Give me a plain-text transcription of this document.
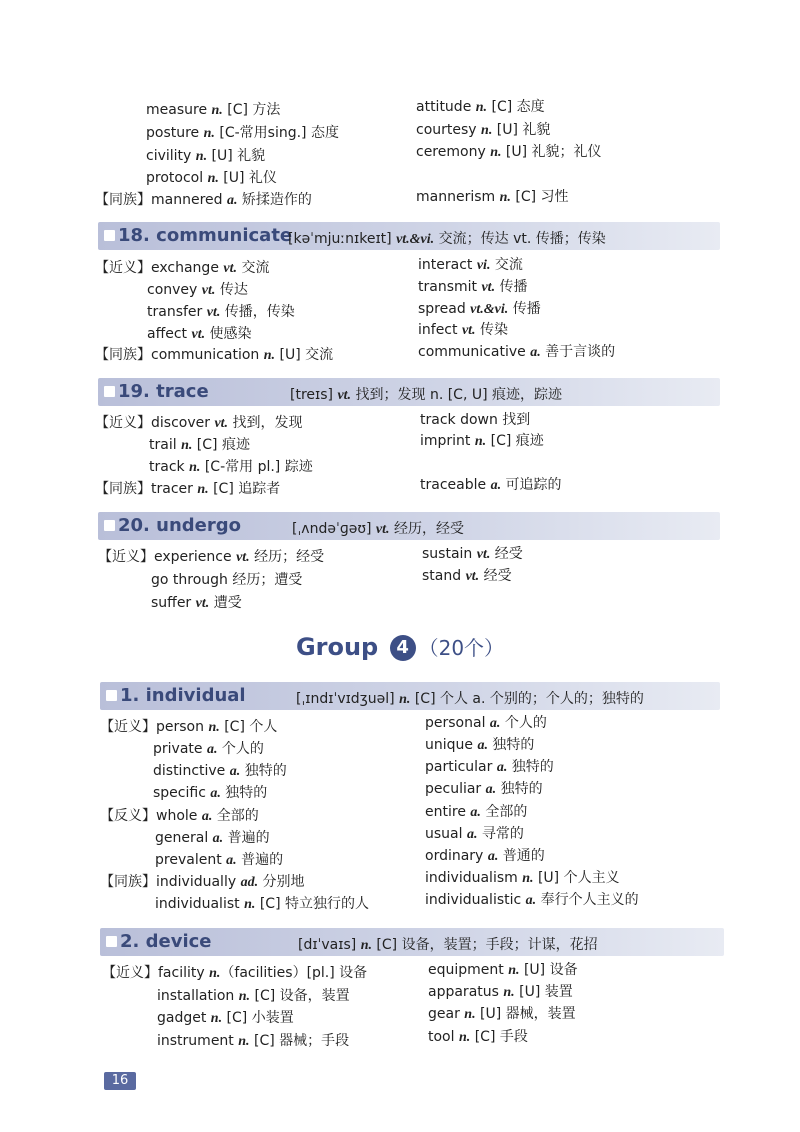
measure n. [C] 方法
posture n. [C-常用sing.] 态度
civility n. [U] 礼貌
protocol n. [U] 礼仪
【同族】mannered a. 矫揉造作的
attitude n. [C] 态度
courtesy n. [U] 礼貌
ceremony n. [U] 礼貌；礼仪
mannerism n. [C] 习性
18. communicate
[kəˈmjuːnɪkeɪt] vt.&vi. 交流；传达 vt. 传播；传染
【近义】exchange vt. 交流
convey vt. 传达
transfer vt. 传播，传染
affect vt. 使感染
【同族】communication n. [U] 交流
interact vi. 交流
transmit vt. 传播
spread vt.&vi. 传播
infect vt. 传染
communicative a. 善于言谈的
19. trace	[treɪs] vt. 找到；发现 n. [C, U] 痕迹，踪迹
【近义】discover vt. 找到，发现
trail n. [C] 痕迹
track n. [C-常用 pl.] 踪迹
【同族】tracer n. [C] 追踪者
track down 找到
imprint n. [C] 痕迹
traceable a. 可追踪的
20. undergo	[ˌʌndəˈɡəʊ] vt. 经历，经受
【近义】experience vt. 经历；经受
go through 经历；遭受
suffer vt. 遭受
sustain vt. 经受
stand vt. 经受
Group 4 （20个）
1. individual	[ˌɪndɪˈvɪdʒuəl] n. [C] 个人 a. 个别的；个人的；独特的
【近义】person n. [C] 个人
private a. 个人的
distinctive a. 独特的
specific a. 独特的
【反义】whole a. 全部的
general a. 普遍的
prevalent a. 普遍的
【同族】individually ad. 分别地
individualist n. [C] 特立独行的人
personal a. 个人的
unique a. 独特的
particular a. 独特的
peculiar a. 独特的
entire a. 全部的
usual a. 寻常的
ordinary a. 普通的
individualism n. [U] 个人主义
individualistic a. 奉行个人主义的
2. device	[dɪˈvaɪs] n. [C] 设备，装置；手段；计谋，花招
【近义】facility n.（facilities）[pl.] 设备
installation n. [C] 设备，装置
gadget n. [C] 小装置
instrument n. [C] 器械；手段
equipment n. [U] 设备
apparatus n. [U] 装置
gear n. [U] 器械，装置
tool n. [C] 手段
16
